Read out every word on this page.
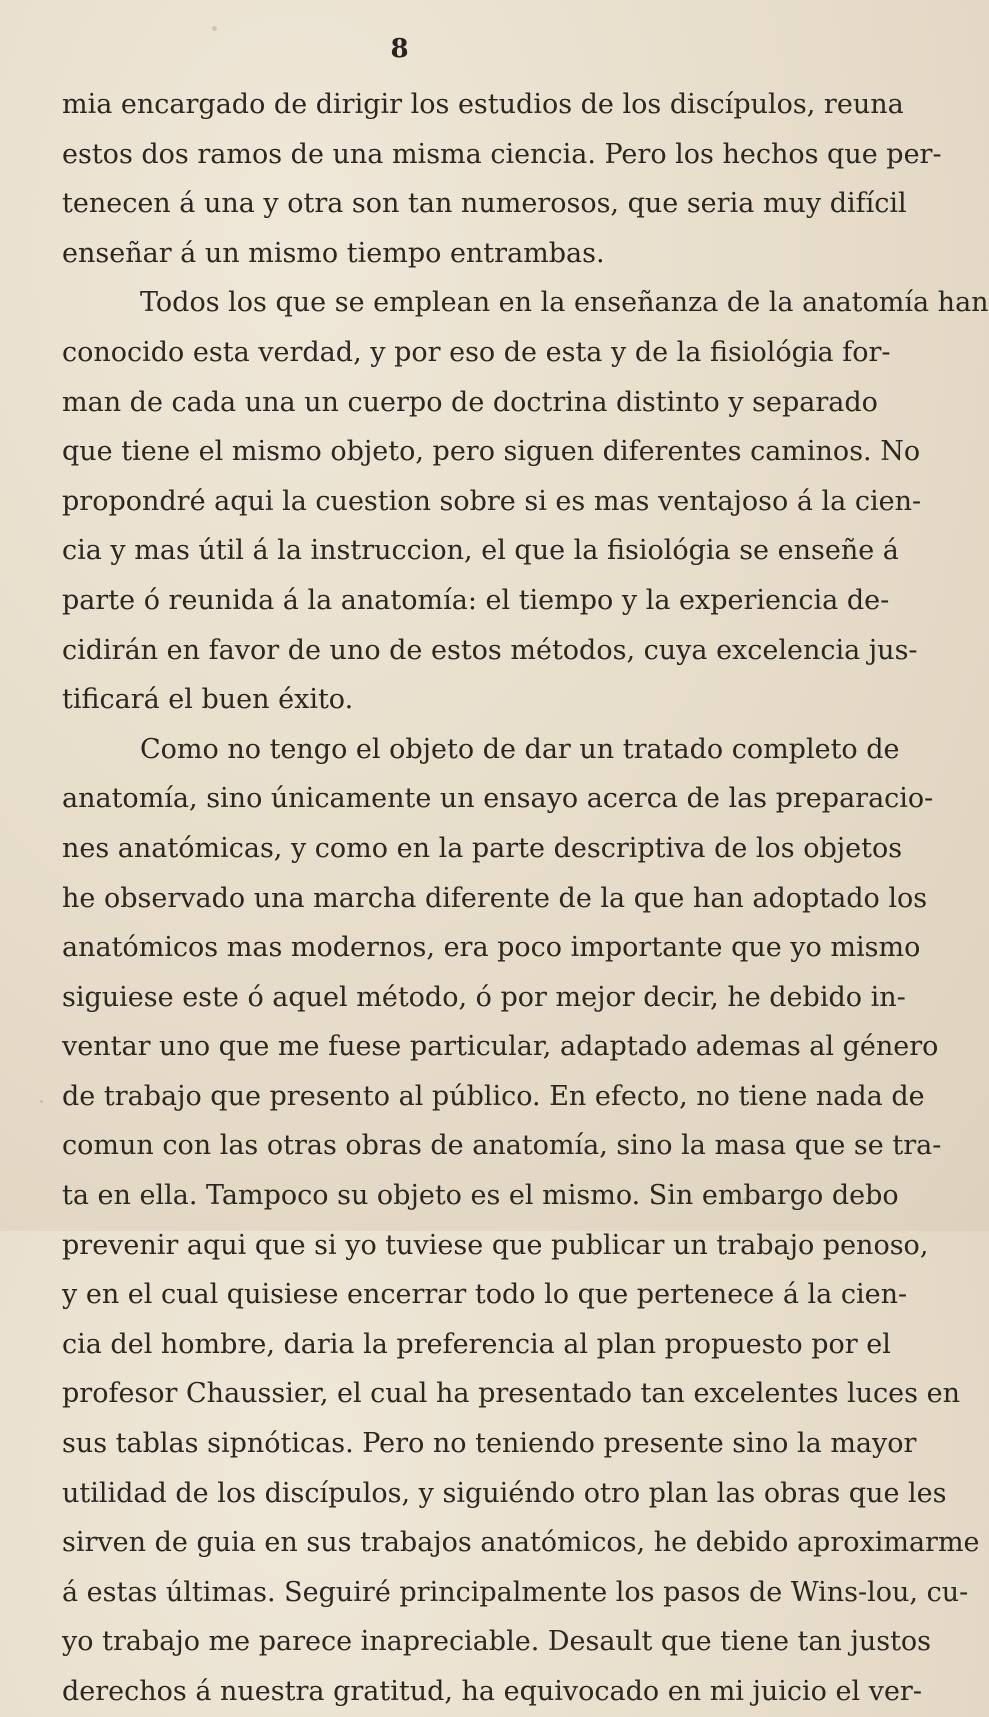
8
mia encargado de dirigir los estudios de los discípulos, reuna
estos dos ramos de una misma ciencia. Pero los hechos que per-
tenecen á una y otra son tan numerosos, que seria muy difícil
enseñar á un mismo tiempo entrambas.
Todos los que se emplean en la enseñanza de la anatomía han
conocido esta verdad, y por eso de esta y de la fisiológia for-
man de cada una un cuerpo de doctrina distinto y separado
que tiene el mismo objeto, pero siguen diferentes caminos. No
propondré aqui la cuestion sobre si es mas ventajoso á la cien-
cia y mas útil á la instruccion, el que la fisiológia se enseñe á
parte ó reunida á la anatomía: el tiempo y la experiencia de-
cidirán en favor de uno de estos métodos, cuya excelencia jus-
tificará el buen éxito.
Como no tengo el objeto de dar un tratado completo de
anatomía, sino únicamente un ensayo acerca de las preparacio-
nes anatómicas, y como en la parte descriptiva de los objetos
he observado una marcha diferente de la que han adoptado los
anatómicos mas modernos, era poco importante que yo mismo
siguiese este ó aquel método, ó por mejor decir, he debido in-
ventar uno que me fuese particular, adaptado ademas al género
de trabajo que presento al público. En efecto, no tiene nada de
comun con las otras obras de anatomía, sino la masa que se tra-
ta en ella. Tampoco su objeto es el mismo. Sin embargo debo
prevenir aqui que si yo tuviese que publicar un trabajo penoso,
y en el cual quisiese encerrar todo lo que pertenece á la cien-
cia del hombre, daria la preferencia al plan propuesto por el
profesor Chaussier, el cual ha presentado tan excelentes luces en
sus tablas sipnóticas. Pero no teniendo presente sino la mayor
utilidad de los discípulos, y siguiéndo otro plan las obras que les
sirven de guia en sus trabajos anatómicos, he debido aproximarme
á estas últimas. Seguiré principalmente los pasos de Wins-lou, cu-
yo trabajo me parece inapreciable. Desault que tiene tan justos
derechos á nuestra gratitud, ha equivocado en mi juicio el ver-
